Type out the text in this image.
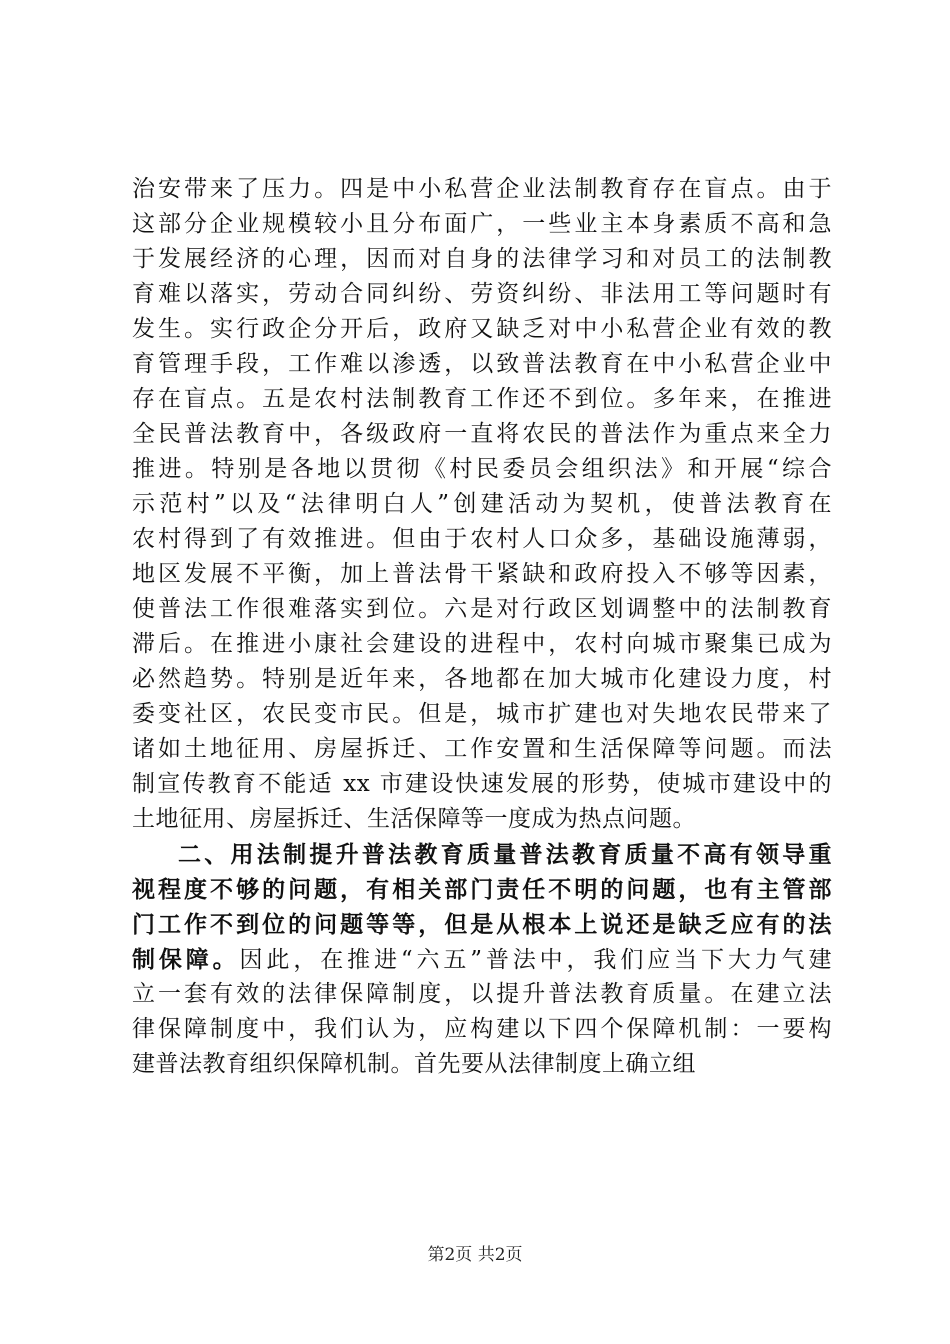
治安带来了压力。四是中小私营企业法制教育存在盲点。由于
这部分企业规模较小且分布面广，一些业主本身素质不高和急
于发展经济的心理，因而对自身的法律学习和对员工的法制教
育难以落实，劳动合同纠纷、劳资纠纷、非法用工等问题时有
发生。实行政企分开后，政府又缺乏对中小私营企业有效的教
育管理手段，工作难以渗透，以致普法教育在中小私营企业中
存在盲点。五是农村法制教育工作还不到位。多年来，在推进
全民普法教育中，各级政府一直将农民的普法作为重点来全力
推进。特别是各地以贯彻《村民委员会组织法》和开展“综合
示范村”以及“法律明白人”创建活动为契机，使普法教育在
农村得到了有效推进。但由于农村人口众多，基础设施薄弱，
地区发展不平衡，加上普法骨干紧缺和政府投入不够等因素，
使普法工作很难落实到位。六是对行政区划调整中的法制教育
滞后。在推进小康社会建设的进程中，农村向城市聚集已成为
必然趋势。特别是近年来，各地都在加大城市化建设力度，村
委变社区，农民变市民。但是，城市扩建也对失地农民带来了
诸如土地征用、房屋拆迁、工作安置和生活保障等问题。而法
制宣传教育不能适 xx 市建设快速发展的形势，使城市建设中的
土地征用、房屋拆迁、生活保障等一度成为热点问题。
二、用法制提升普法教育质量普法教育质量不高有领导重
视程度不够的问题，有相关部门责任不明的问题，也有主管部
门工作不到位的问题等等，但是从根本上说还是缺乏应有的法
制保障。因此，在推进“六五”普法中，我们应当下大力气建
立一套有效的法律保障制度，以提升普法教育质量。在建立法
律保障制度中，我们认为，应构建以下四个保障机制：一要构
建普法教育组织保障机制。首先要从法律制度上确立组
第2页 共2页
